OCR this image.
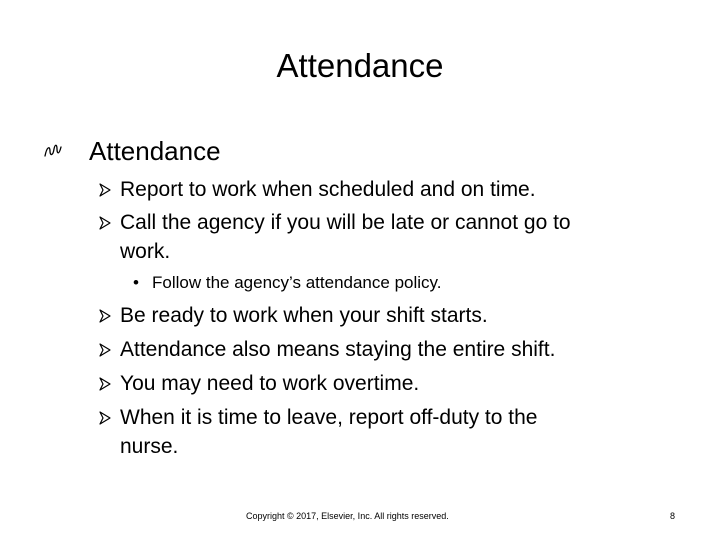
Attendance
Attendance
Report to work when scheduled and on time.
Call the agency if you will be late or cannot go to
work.
• Follow the agency’s attendance policy.
Be ready to work when your shift starts.
Attendance also means staying the entire shift.
You may need to work overtime.
When it is time to leave, report off-duty to the
nurse.
Copyright © 2017, Elsevier, Inc. All rights reserved.	8
